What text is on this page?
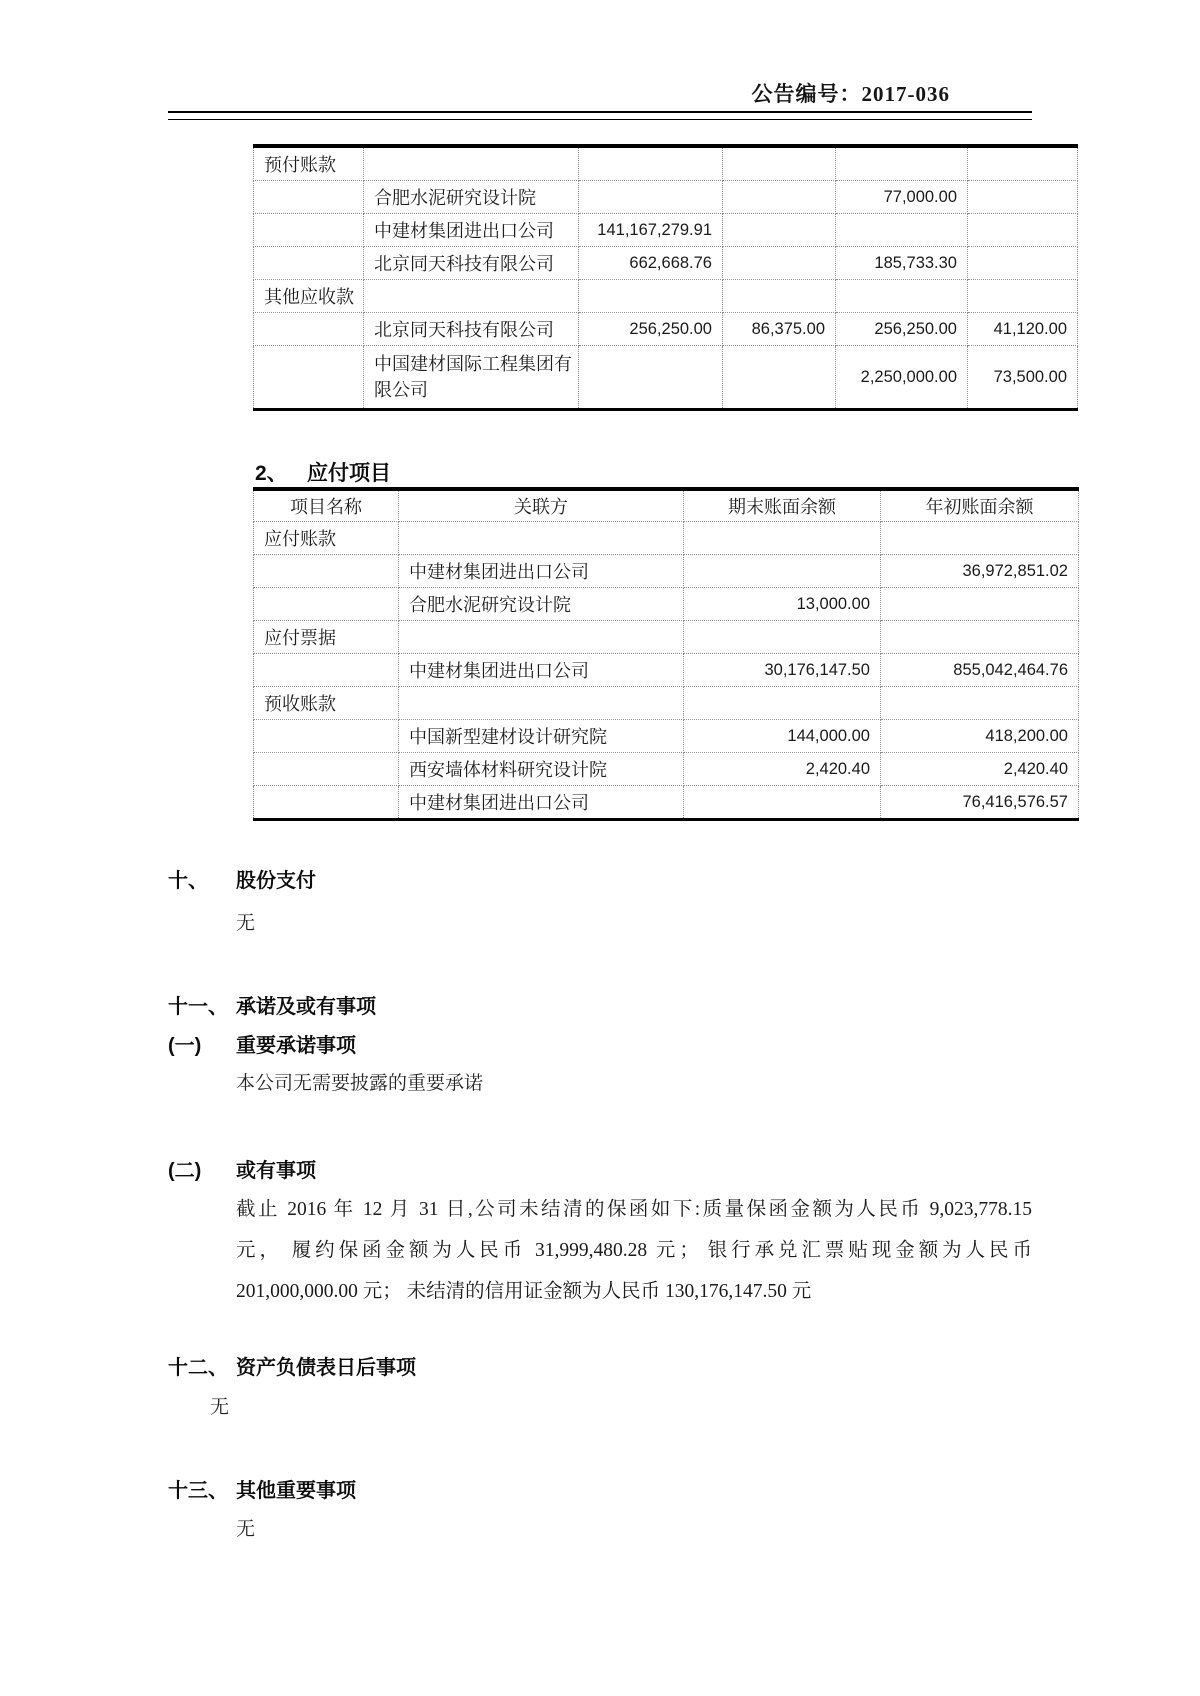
公告编号：2017-036
预付账款					
	合肥水泥研究设计院			77,000.00	
	中建材集团进出口公司	141,167,279.91			
	北京同天科技有限公司	662,668.76		185,733.30	
其他应收款					
	北京同天科技有限公司	256,250.00	86,375.00	256,250.00	41,120.00
	中国建材国际工程集团有限公司			2,250,000.00	73,500.00
2、 应付项目
项目名称	关联方	期末账面余额	年初账面余额
应付账款			
	中建材集团进出口公司		36,972,851.02
	合肥水泥研究设计院	13,000.00	
应付票据			
	中建材集团进出口公司	30,176,147.50	855,042,464.76
预收账款			
	中国新型建材设计研究院	144,000.00	418,200.00
	西安墙体材料研究设计院	2,420.40	2,420.40
	中建材集团进出口公司		76,416,576.57
十、	股份支付
无
十一、 承诺及或有事项
(一)	重要承诺事项
本公司无需要披露的重要承诺
(二)	或有事项
截止 2016 年 12 月 31 日,公司未结清的保函如下:质量保函金额为人民币 9,023,778.15
元， 履约保函金额为人民币 31,999,480.28 元； 银行承兑汇票贴现金额为人民币
201,000,000.00 元； 未结清的信用证金额为人民币 130,176,147.50 元
十二、 资产负债表日后事项
无
十三、 其他重要事项
无
